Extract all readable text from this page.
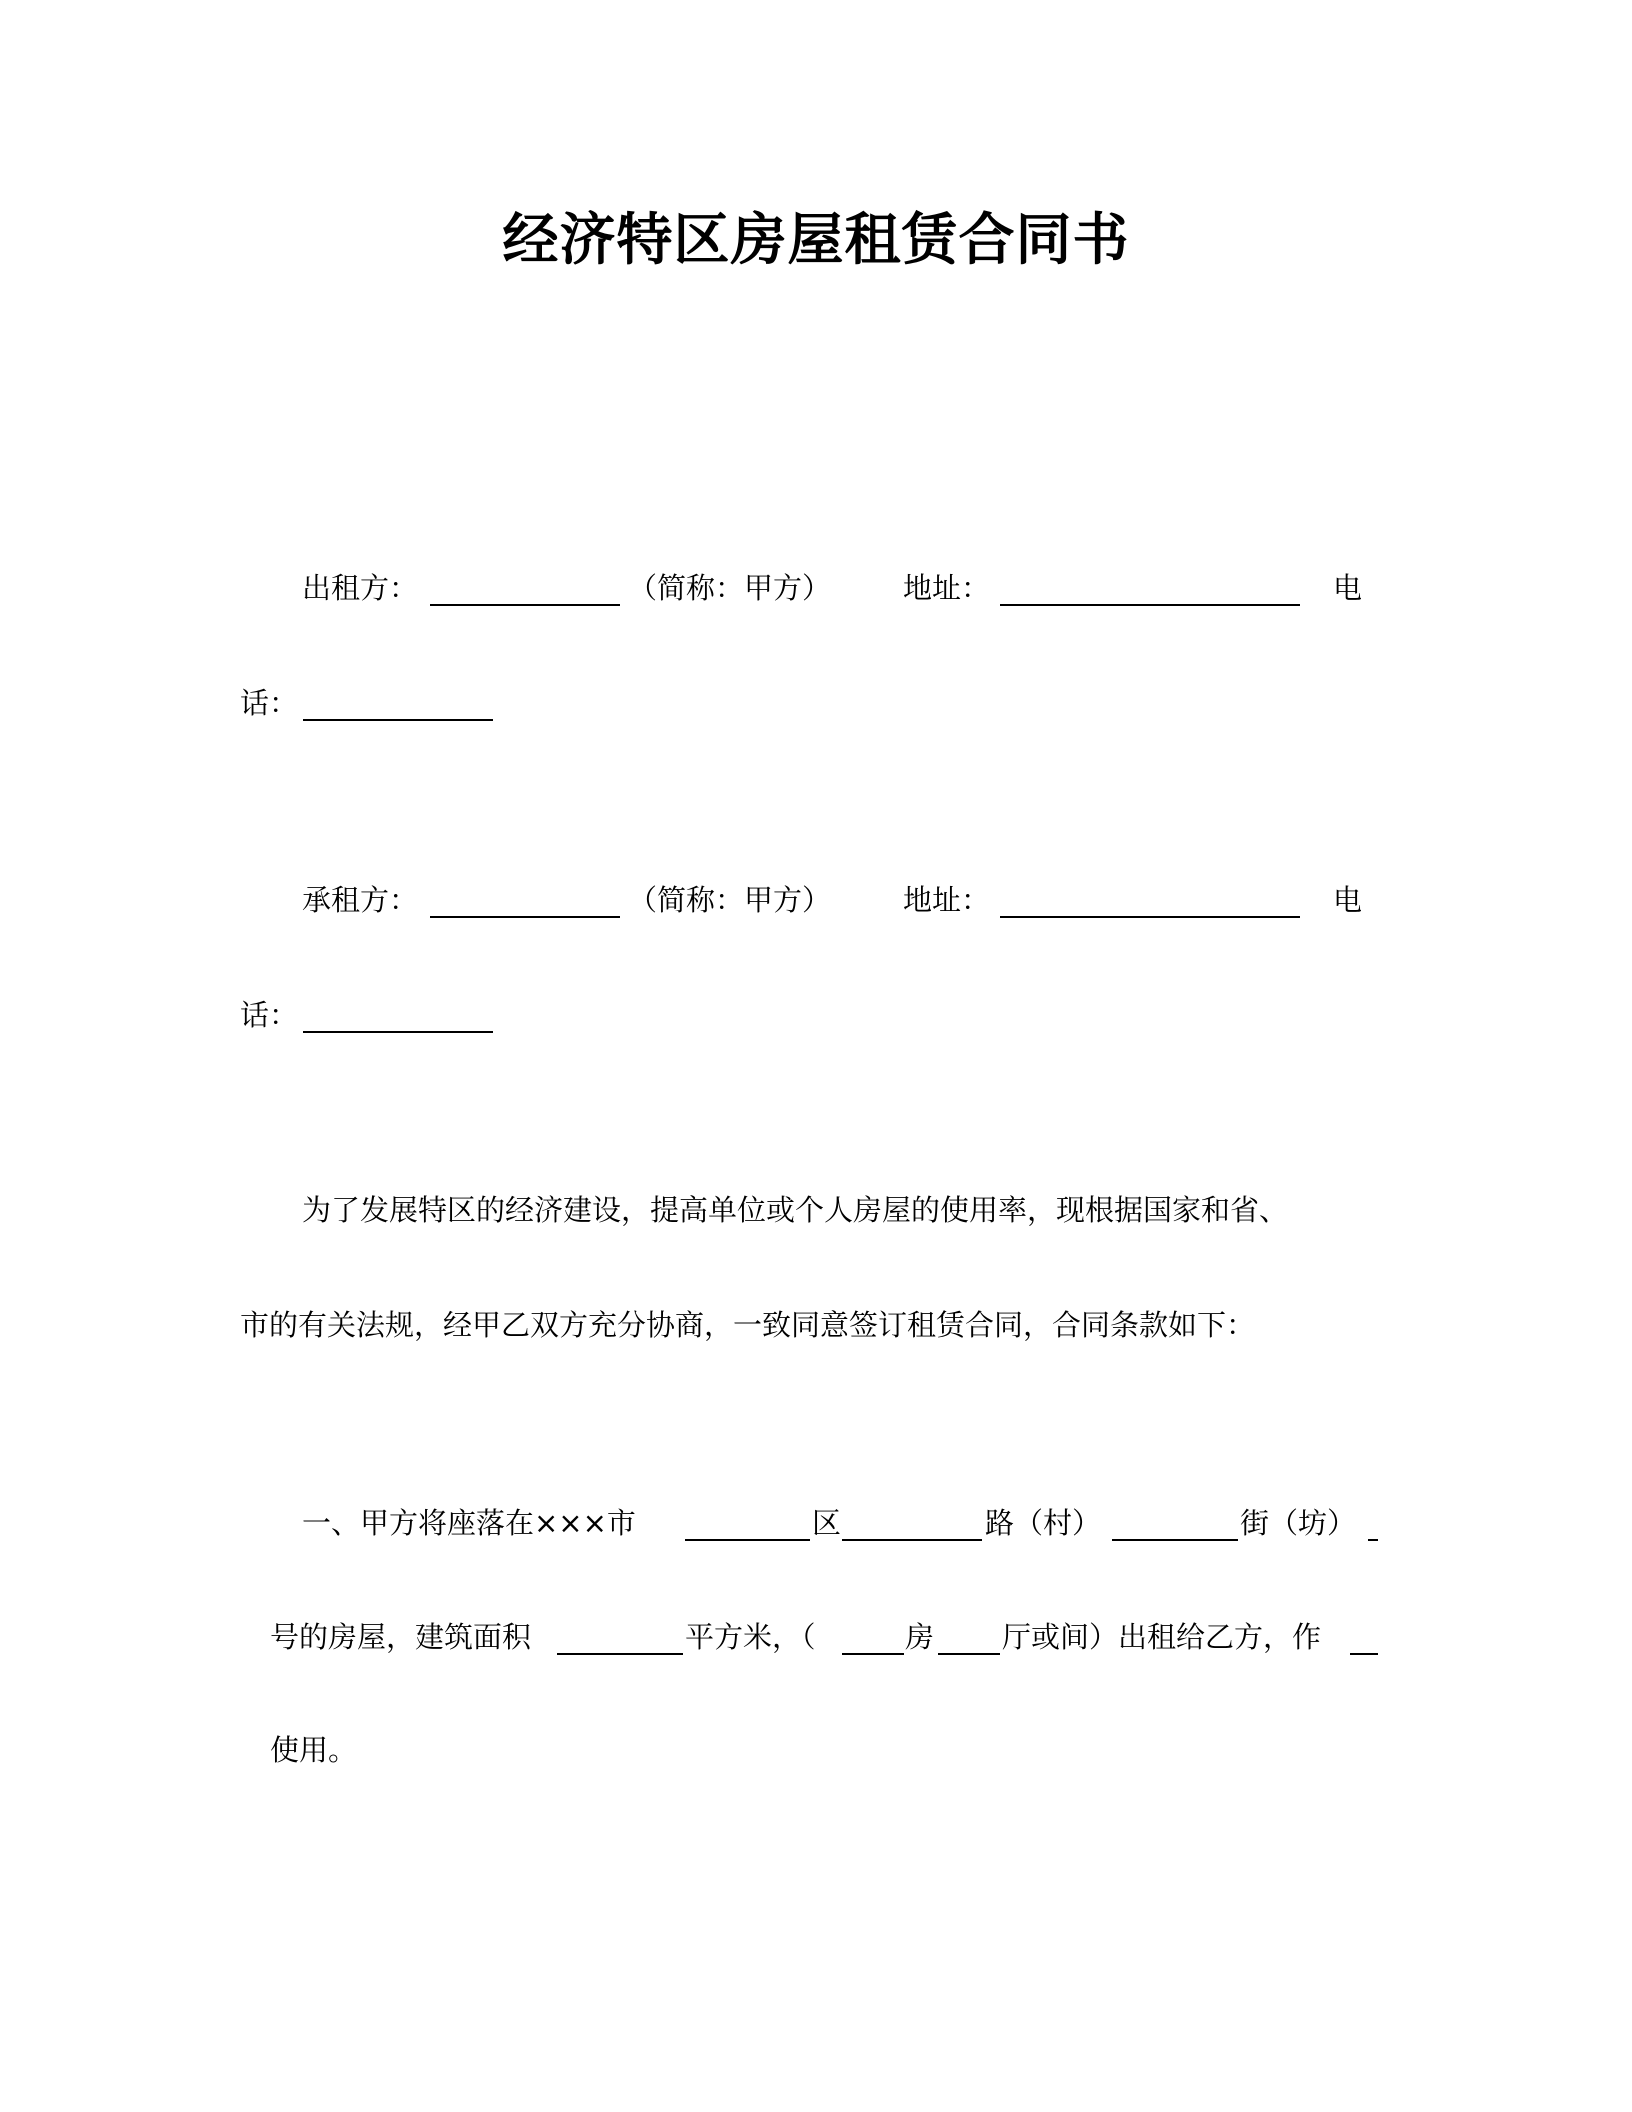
经济特区房屋租赁合同书
出租方：	（简称：甲方） 地址：	电
话：
承租方：	（简称：甲方） 地址：	电
话：
为了发展特区的经济建设，提高单位或个人房屋的使用率，现根据国家和省、
市的有关法规，经甲乙双方充分协商，一致同意签订租赁合同，合同条款如下：
一、甲方将座落在×××市	区	路（村）	街（坊）
号的房屋，建筑面积	平方米，（	房 厅或间）出租给乙方，作
使用。
